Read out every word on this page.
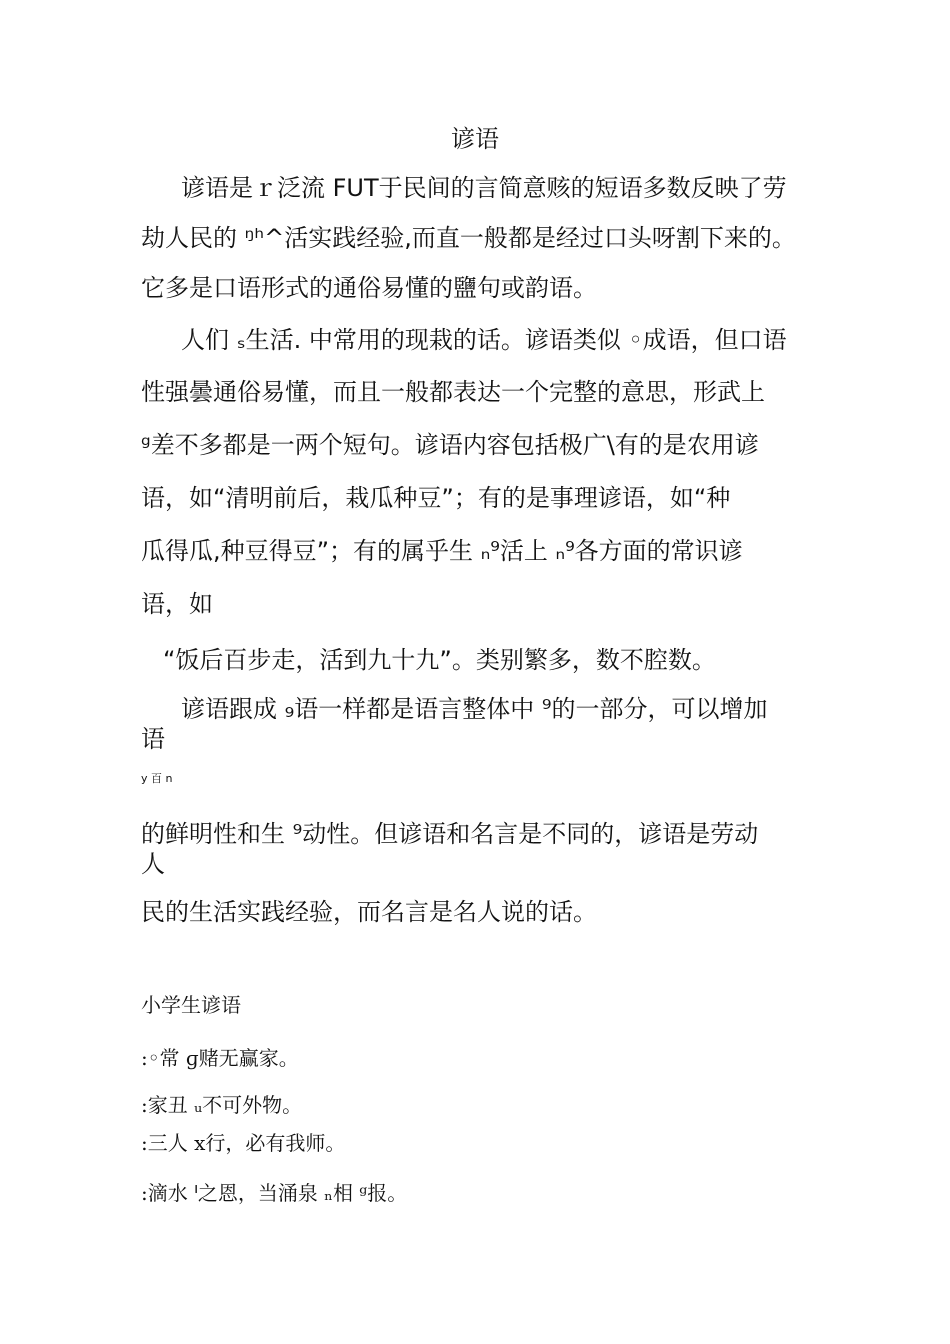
谚语
谚语是ｒ泛流 FUT于民间的言简意赅的短语多数反映了劳
劫人民的 ᵑʰ^活实践经验,而直一般都是经过口头呀割下来的。
它多是口语形式的通俗易懂的鹽句或韵语。
人们 ₛ生活. 中常用的现栽的话。谚语类似 ◦成语，但口语
性强曇通俗易懂，而且一般都表达一个完整的意思，形武上
ᵍ差不多都是一两个短句。谚语内容包括极广\有的是农用谚
语，如“清明前后，栽瓜种豆”；有的是事理谚语，如“种
瓜得瓜,种豆得豆”；有的属乎生 ₙ⁹活上 ₙ⁹各方面的常识谚
语，如
“饭后百步走，活到九十九”。类别繁多，数不腔数。
谚语跟成 ₉语一样都是语言整体中 ⁹的一部分，可以增加
语
y 百 n
的鲜明性和生 ⁹动性。但谚语和名言是不同的，谚语是劳动
人
民的生活实践经验，而名言是名人说的话。
小学生谚语
:◦常 ɡ赌无赢家。
:家丑 ᵤ不可外物。
:三人 x行，必有我师。
:滴水 ᑊ之恩，当涌泉 ₙ相 ᵍ报。
